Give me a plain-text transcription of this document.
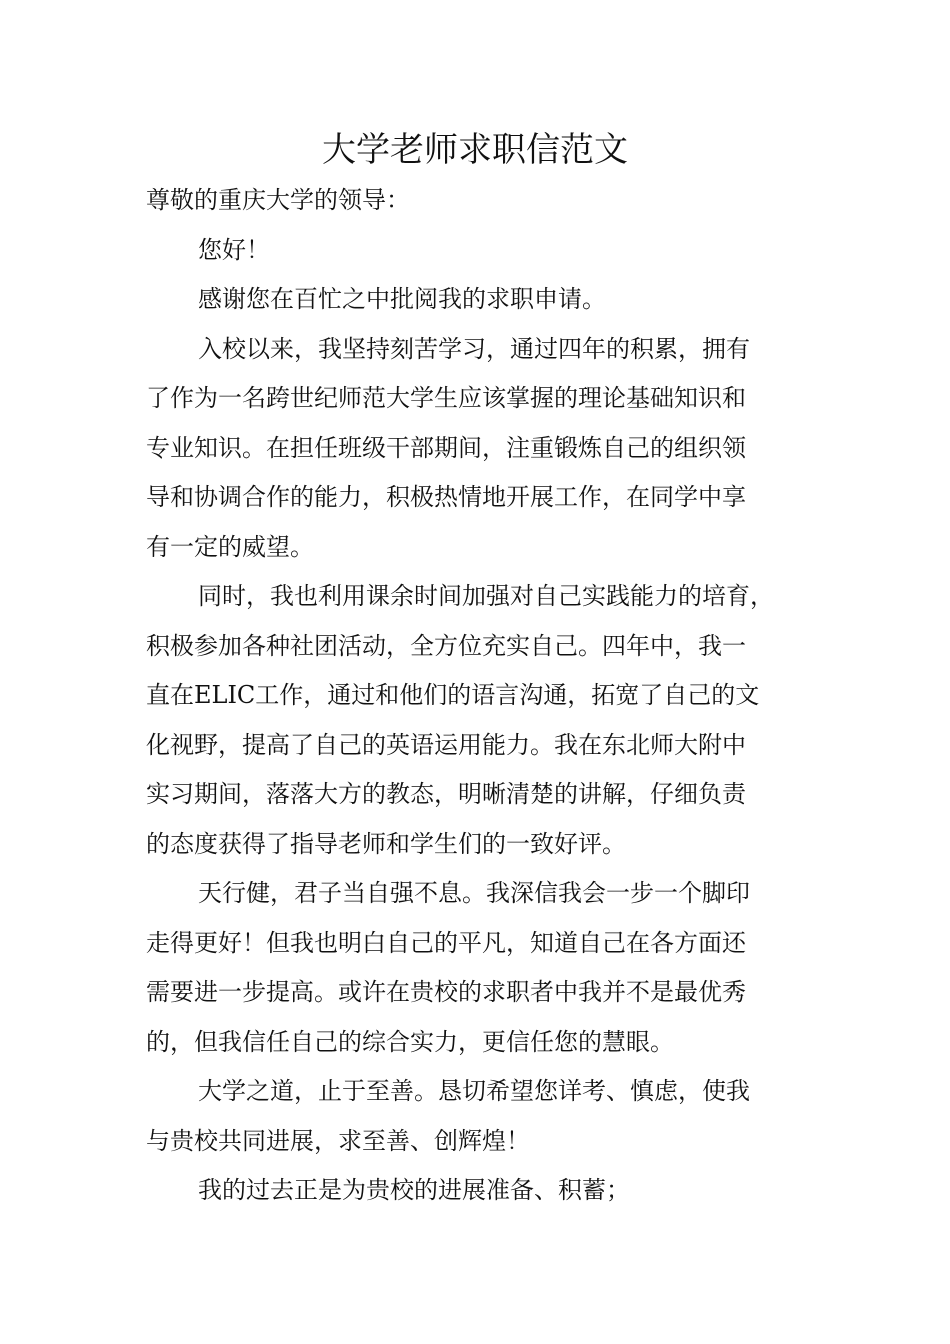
大学老师求职信范文

尊敬的重庆大学的领导：

您好！

感谢您在百忙之中批阅我的求职申请。

入校以来，我坚持刻苦学习，通过四年的积累，拥有

了作为一名跨世纪师范大学生应该掌握的理论基础知识和

专业知识。在担任班级干部期间，注重锻炼自己的组织领

导和协调合作的能力，积极热情地开展工作，在同学中享

有一定的威望。

同时，我也利用课余时间加强对自己实践能力的培育，

积极参加各种社团活动，全方位充实自己。四年中，我一

直在ELIC工作，通过和他们的语言沟通，拓宽了自己的文

化视野，提高了自己的英语运用能力。我在东北师大附中

实习期间，落落大方的教态，明晰清楚的讲解，仔细负责

的态度获得了指导老师和学生们的一致好评。

天行健，君子当自强不息。我深信我会一步一个脚印

走得更好！但我也明白自己的平凡，知道自己在各方面还

需要进一步提高。或许在贵校的求职者中我并不是最优秀

的，但我信任自己的综合实力，更信任您的慧眼。

大学之道，止于至善。恳切希望您详考、慎虑，使我

与贵校共同进展，求至善、创辉煌！

我的过去正是为贵校的进展准备、积蓄；
